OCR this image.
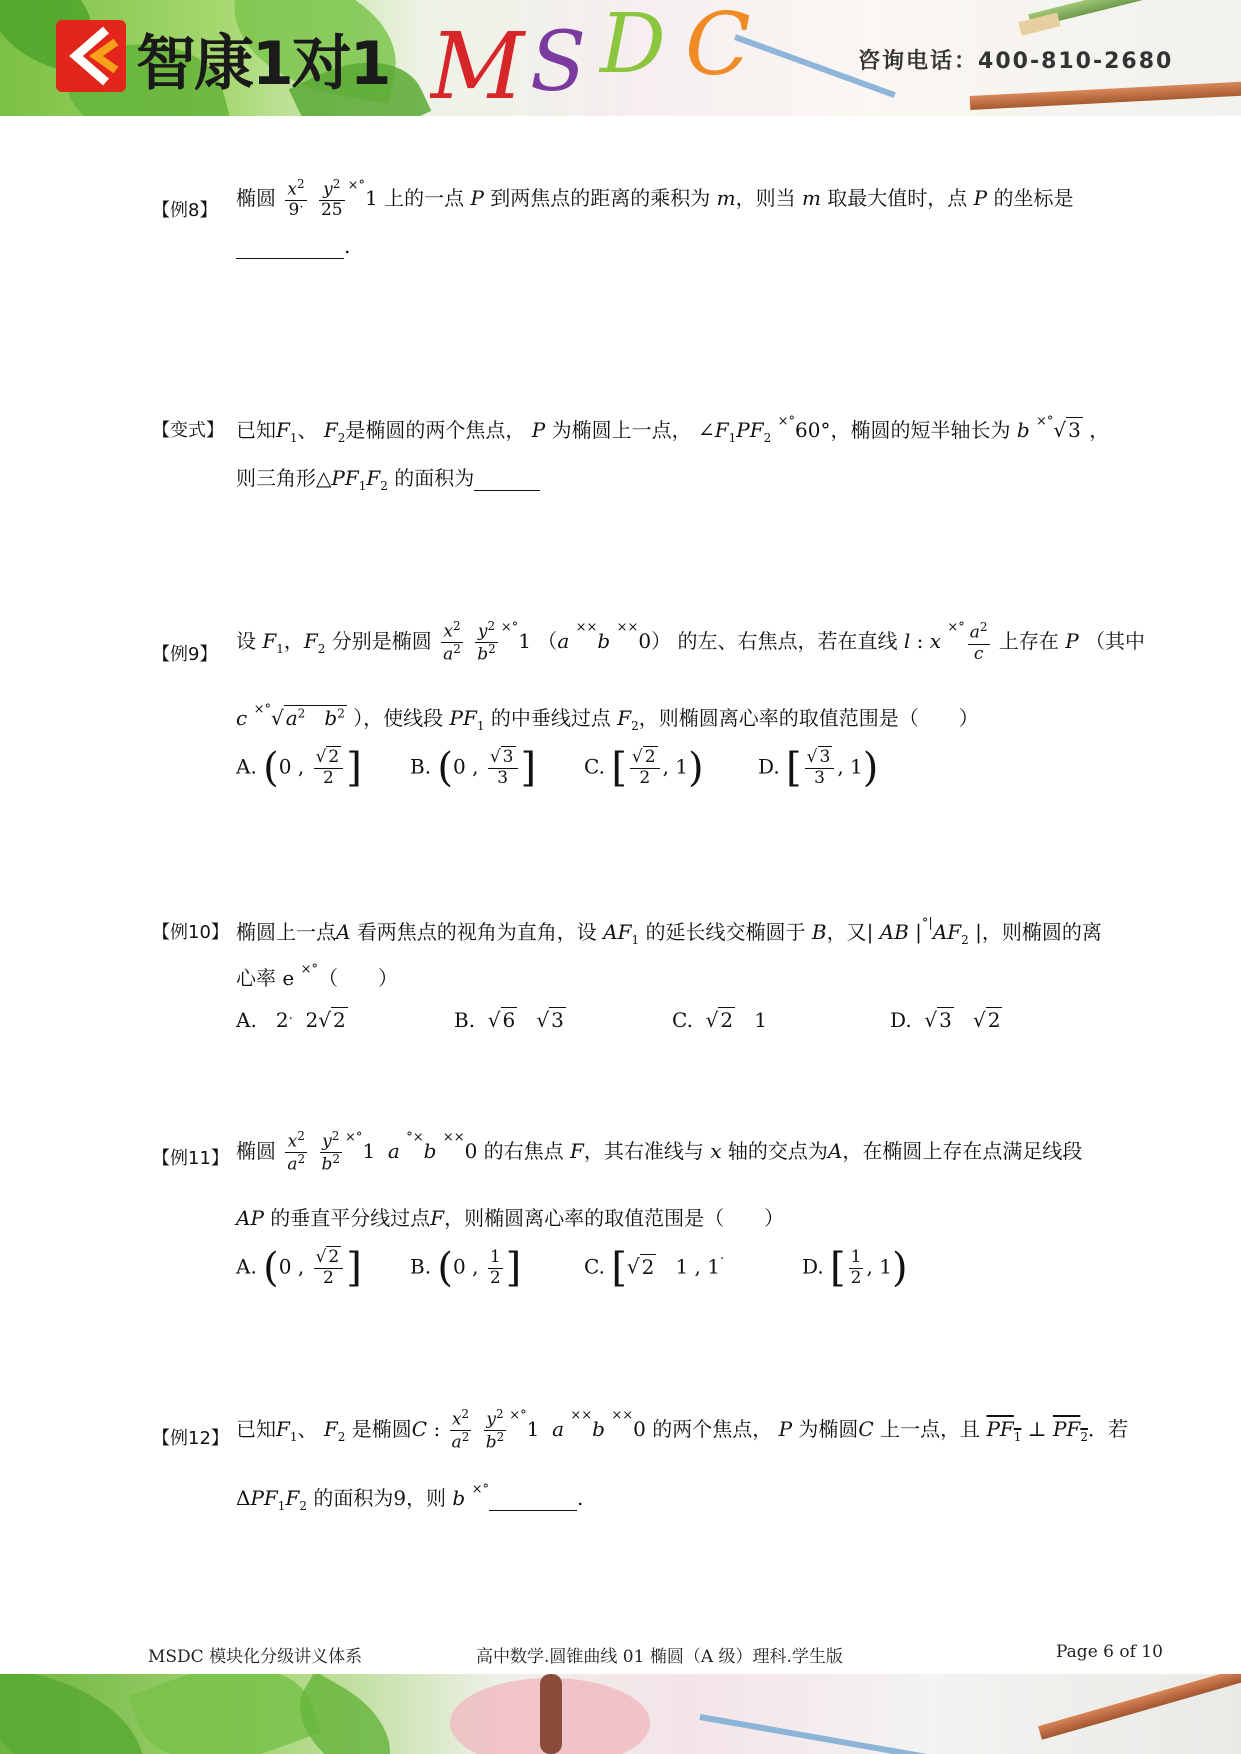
智康1对1 M S D C	咨询电话：400-810-2680
【例8】
椭圆 $\frac{x^2}{9^\cdot}$
$\frac{y^2}{25} ^{\times^\circ}1$ 上的一点 P 到两焦点的距离的乘积为 m，则当 m 取最大值时，点 P 的坐标是
.
【变式】 已知$F_1$、 $F_2$是椭圆的两个焦点， P 为椭圆上一点， $\angle F_1PF_2$ ×°60°，椭圆的短半轴长为 b ×°√ 3 ，
则三角形$\triangle PF_1F_2$ 的面积为
【例9】
设 $F_1$，$F_2$ 分别是椭圆 $\frac{x^2}{a^2}$
$\frac{y^2}{b^2} ^{\times^\circ}1$ （a ××b ××0） 的左、右焦点，若在直线 l : x $^{\times^\circ} \frac{a^2}{c}$ 上存在 P （其中
c ×°√ $a^2$ $b^2$ ），使线段 $PF_1$ 的中垂线过点 $F_2$，则椭圆离心率的取值范围是（　　）
A. (0 , $\frac{√ 2}{2}$ ] B. (0 , $\frac{√ 3}{3}$ ] C. [ $\frac{√ 2}{2}$ , 1)	D. [ $\frac{√ 3}{3}$ , 1)
【例10】 椭圆上一点A 看两焦点的视角为直角，设 $AF_1$ 的延长线交椭圆于 B，又| AB $|^{^\circ|}AF_2$ |，则椭圆的离
心率 e ×°（　　）
A.   2.  2√ 2	B.  √ 6   √ 3	C.  √ 2   1	D.  √ 3   √ 2
【例11】 椭圆 $\frac{x^2}{a^2}$
$\frac{y^2}{b^2} ^{\times^\circ}1$  a °×b ××0 的右焦点 F，其右准线与 x 轴的交点为A，在椭圆上存在点满足线段
AP 的垂直平分线过点F，则椭圆离心率的取值范围是（　　）
A. (0 , $\frac{√ 2}{2}$ ] B. (0 , $\frac{1}{2}$ ]	C. [√ 2   1 , 1.	D. [ $\frac{1}{2}$ , 1)
【例12】 已知$F_1$、 $F_2$ 是椭圆C : $\frac{x^2}{a^2}$
$\frac{y^2}{b^2} ^{\times^\circ}1$  a ××b ××0 的两个焦点， P 为椭圆C 上一点，且 $PF_1$ ⊥ $PF_2$．若
$\Delta PF_1F_2$ 的面积为9，则 b ×°	.
MSDC 模块化分级讲义体系	高中数学.圆锥曲线 01 椭圆（A 级）理科.学生版	Page 6 of 10
